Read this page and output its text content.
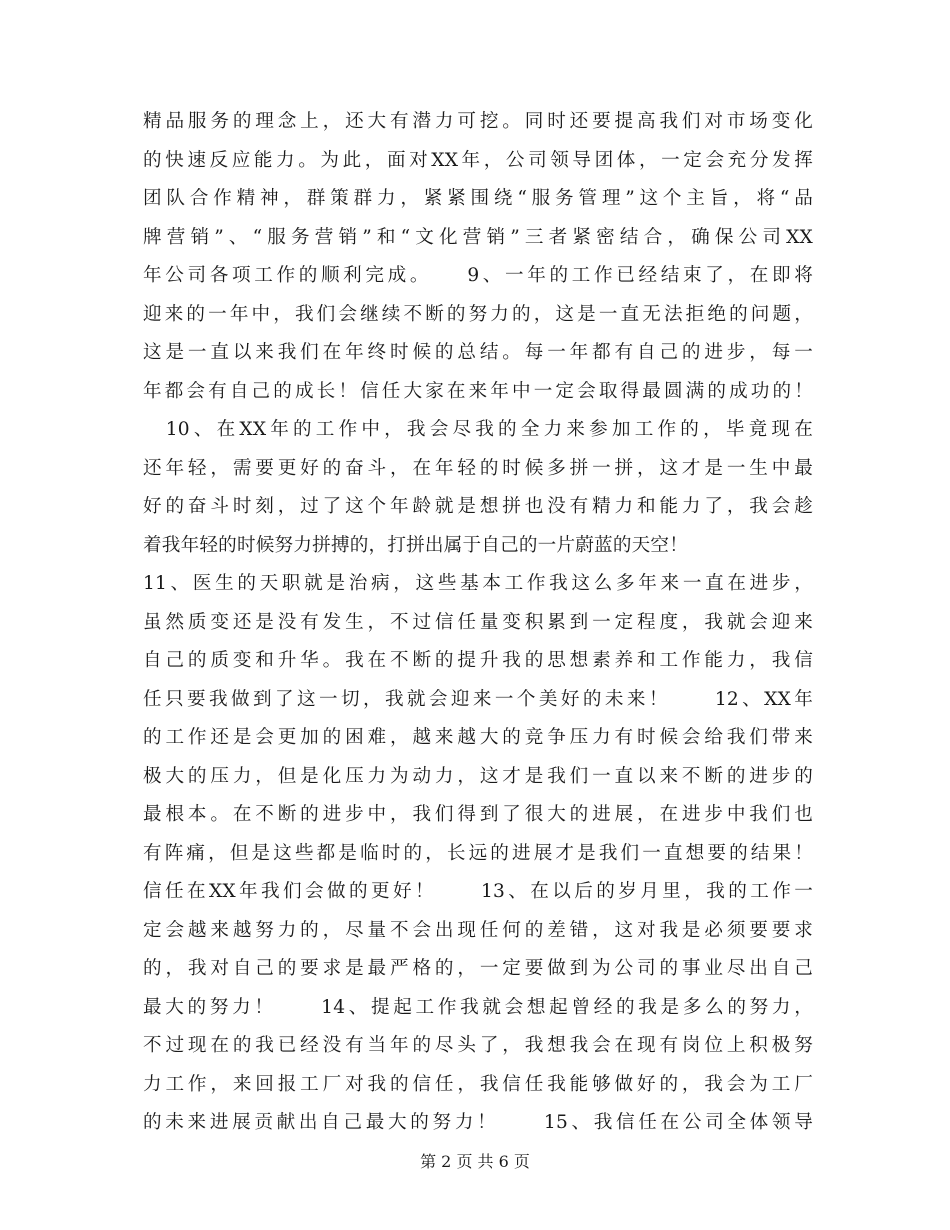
精品服务的理念上，还大有潜力可挖。同时还要提高我们对市场变化
的快速反应能力。为此，面对XX年，公司领导团体，一定会充分发挥
团队合作精神，群策群力，紧紧围绕“服务管理”这个主旨，将“品
牌营销”、“服务营销”和“文化营销”三者紧密结合，确保公司XX
年公司各项工作的顺利完成。　　9、一年的工作已经结束了，在即将
迎来的一年中，我们会继续不断的努力的，这是一直无法拒绝的问题，
这是一直以来我们在年终时候的总结。每一年都有自己的进步，每一
年都会有自己的成长！信任大家在来年中一定会取得最圆满的成功的！
　10、在XX年的工作中，我会尽我的全力来参加工作的，毕竟现在
还年轻，需要更好的奋斗，在年轻的时候多拼一拼，这才是一生中最
好的奋斗时刻，过了这个年龄就是想拼也没有精力和能力了，我会趁
着我年轻的时候努力拼搏的，打拼出属于自己的一片蔚蓝的天空！
11、医生的天职就是治病，这些基本工作我这么多年来一直在进步，
虽然质变还是没有发生，不过信任量变积累到一定程度，我就会迎来
自己的质变和升华。我在不断的提升我的思想素养和工作能力，我信
任只要我做到了这一切，我就会迎来一个美好的未来！　　12、XX年
的工作还是会更加的困难，越来越大的竞争压力有时候会给我们带来
极大的压力，但是化压力为动力，这才是我们一直以来不断的进步的
最根本。在不断的进步中，我们得到了很大的进展，在进步中我们也
有阵痛，但是这些都是临时的，长远的进展才是我们一直想要的结果！
信任在XX年我们会做的更好！　　13、在以后的岁月里，我的工作一
定会越来越努力的，尽量不会出现任何的差错，这对我是必须要要求
的，我对自己的要求是最严格的，一定要做到为公司的事业尽出自己
最大的努力！　　14、提起工作我就会想起曾经的我是多么的努力，
不过现在的我已经没有当年的尽头了，我想我会在现有岗位上积极努
力工作，来回报工厂对我的信任，我信任我能够做好的，我会为工厂
的未来进展贡献出自己最大的努力！　　15、我信任在公司全体领导
第 2 页 共 6 页
